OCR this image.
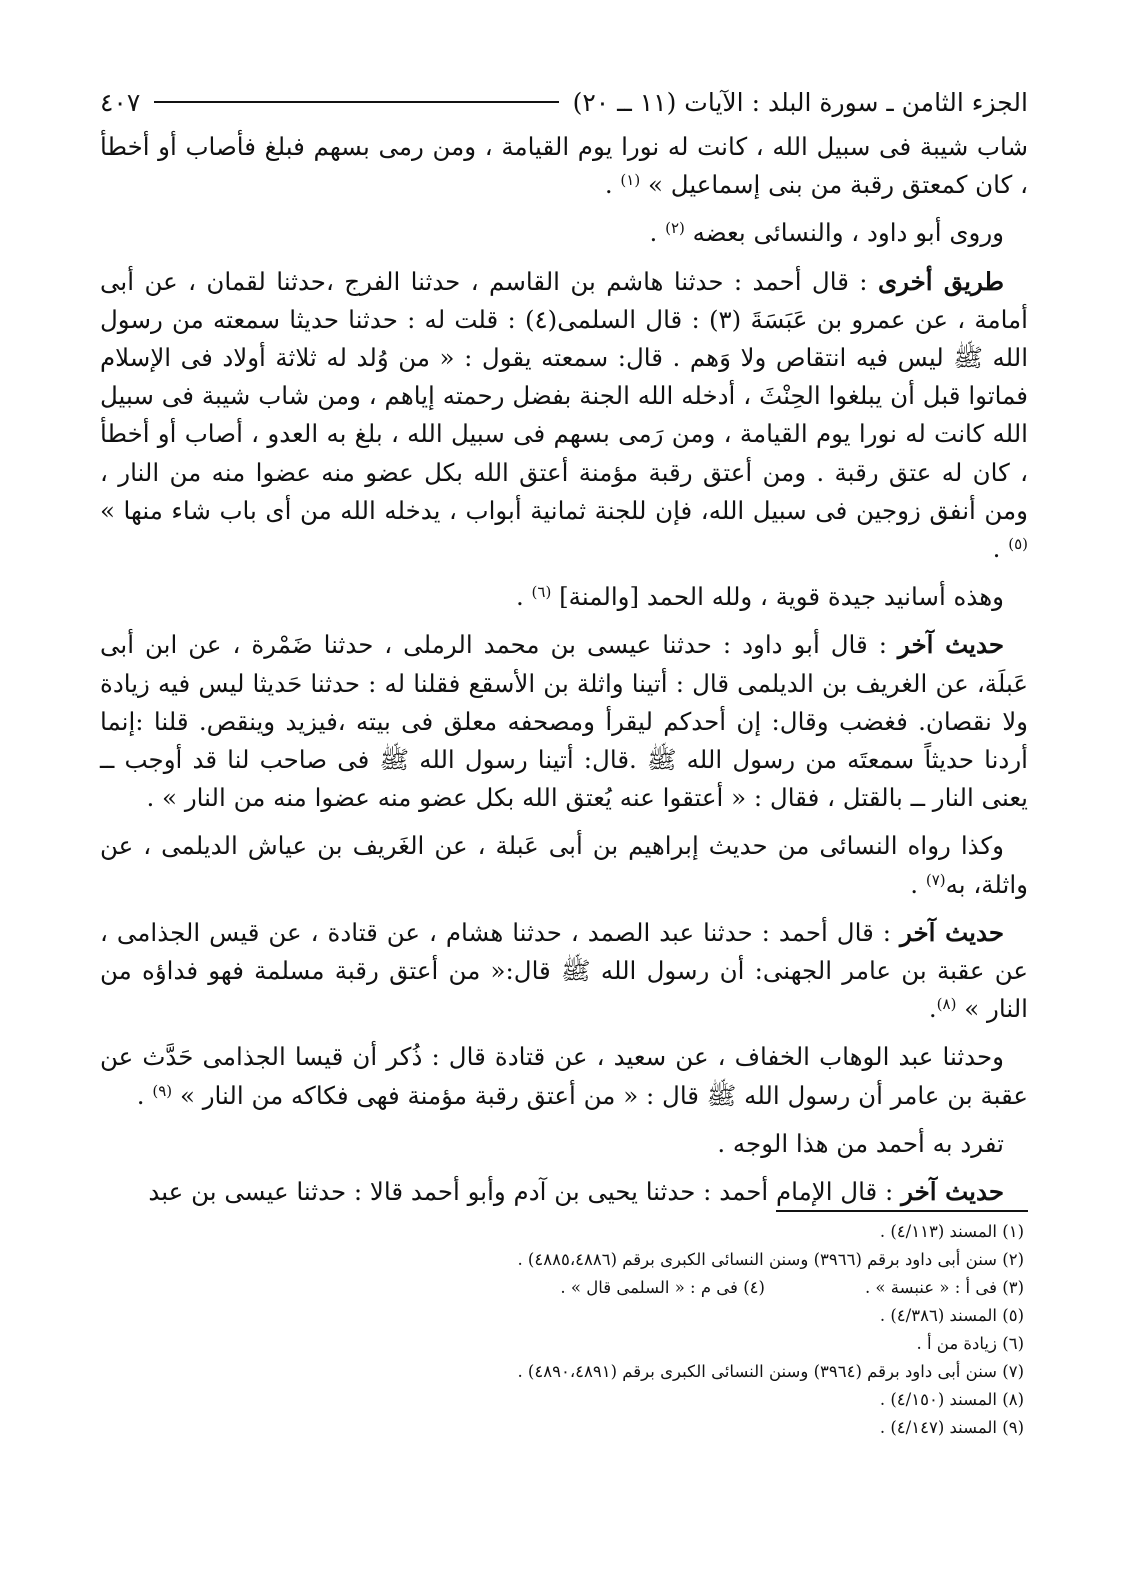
الجزء الثامن ـ سورة البلد : الآيات (١١ ــ ٢٠)
٤٠٧

شاب شيبة فى سبيل الله ، كانت له نورا يوم القيامة ، ومن رمى بسهم فبلغ فأصاب أو أخطأ ، كان كمعتق رقبة من بنى إسماعيل » $^{(١)}$ .

وروى أبو داود ، والنسائى بعضه $^{(٢)}$ .

طريق أخرى : قال أحمد : حدثنا هاشم بن القاسم ، حدثنا الفرج ،حدثنا لقمان ، عن أبى أمامة ، عن عمرو بن عَبَسَةَ (٣) : قال السلمى(٤) : قلت له : حدثنا حديثا سمعته من رسول الله ﷺ ليس فيه انتقاص ولا وَهم . قال: سمعته يقول : « من وُلد له ثلاثة أولاد فى الإسلام فماتوا قبل أن يبلغوا الحِنْثَ ، أدخله الله الجنة بفضل رحمته إياهم ، ومن شاب شيبة فى سبيل الله كانت له نورا يوم القيامة ، ومن رَمى بسهم فى سبيل الله ، بلغ به العدو ، أصاب أو أخطأ ، كان له عتق رقبة . ومن أعتق رقبة مؤمنة أعتق الله بكل عضو منه عضوا منه من النار ، ومن أنفق زوجين فى سبيل الله، فإن للجنة ثمانية أبواب ، يدخله الله من أى باب شاء منها » $^{(٥)}$ .

وهذه أسانيد جيدة قوية ، ولله الحمد [والمنة] $^{(٦)}$ .

حديث آخر : قال أبو داود : حدثنا عيسى بن محمد الرملى ، حدثنا ضَمْرة ، عن ابن أبى عَبلَة، عن الغريف بن الديلمى قال : أتينا واثلة بن الأسقع فقلنا له : حدثنا حَديثا ليس فيه زيادة ولا نقصان. فغضب وقال: إن أحدكم ليقرأ ومصحفه معلق فى بيته ،فيزيد وينقص. قلنا :إنما أردنا حديثاً سمعتَه من رسول الله ﷺ .قال: أتينا رسول الله ﷺ فى صاحب لنا قد أوجب ــ يعنى النار ــ بالقتل ، فقال : « أعتقوا عنه يُعتق الله بكل عضو منه عضوا منه من النار » .

وكذا رواه النسائى من حديث إبراهيم بن أبى عَبلة ، عن الغَريف بن عياش الديلمى ، عن واثلة، به$^{(٧)}$ .

حديث آخر : قال أحمد : حدثنا عبد الصمد ، حدثنا هشام ، عن قتادة ، عن قيس الجذامى ، عن عقبة بن عامر الجهنى: أن رسول الله ﷺ قال:« من أعتق رقبة مسلمة فهو فداؤه من النار » $^{(٨)}$.

وحدثنا عبد الوهاب الخفاف ، عن سعيد ، عن قتادة قال : ذُكر أن قيسا الجذامى حَدَّث عن عقبة بن عامر أن رسول الله ﷺ قال : « من أعتق رقبة مؤمنة فهى فكاكه من النار » $^{(٩)}$ .

تفرد به أحمد من هذا الوجه .

حديث آخر : قال الإمام أحمد : حدثنا يحيى بن آدم وأبو أحمد قالا : حدثنا عيسى بن عبد

(١) المسند (٤/١١٣) .
(٢) سنن أبى داود برقم (٣٩٦٦) وسنن النسائى الكبرى برقم (٤٨٨٥،٤٨٨٦) .
(٣) فى أ : « عنبسة » .(٤) فى م : « السلمى قال » .
(٥) المسند (٤/٣٨٦) .
(٦) زيادة من أ .
(٧) سنن أبى داود برقم (٣٩٦٤) وسنن النسائى الكبرى برقم (٤٨٩٠،٤٨٩١) .
(٨) المسند (٤/١٥٠) .
(٩) المسند (٤/١٤٧) .
